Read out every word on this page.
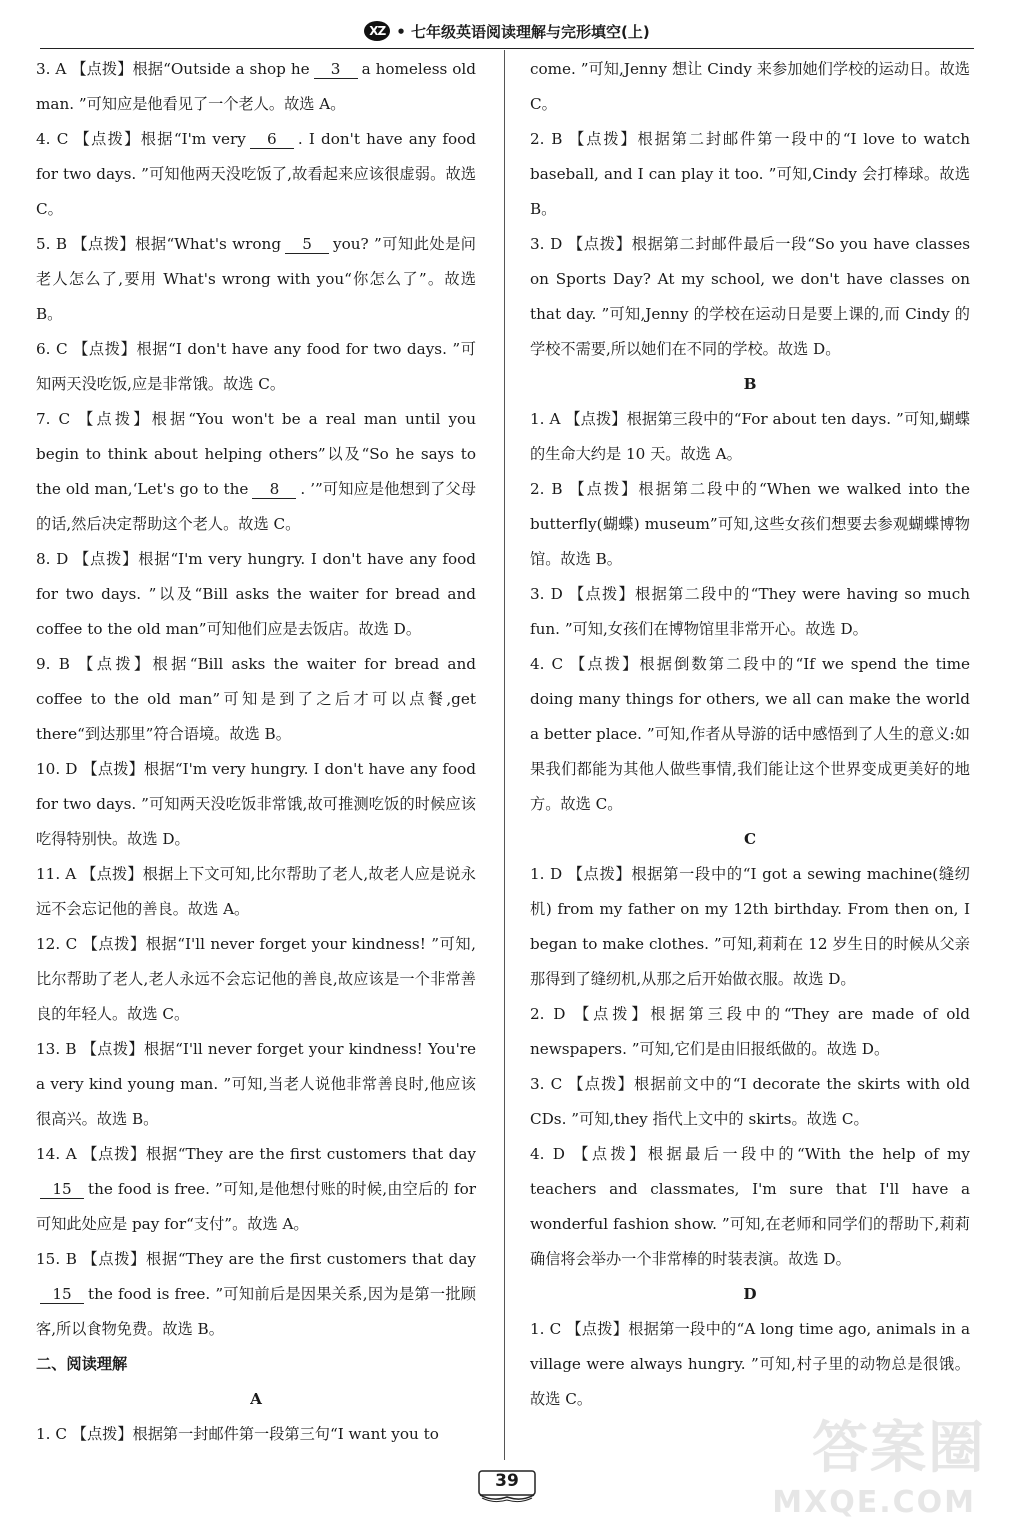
XZ • 七年级英语阅读理解与完形填空(上)

3. A 【点拨】根据“Outside a shop he 3 a homeless old man. ”可知应是他看见了一个老人。故选 A。

4. C 【点拨】根据“I'm very 6 . I don't have any food for two days. ”可知他两天没吃饭了,故看起来应该很虚弱。故选 C。

5. B 【点拨】根据“What's wrong 5 you? ”可知此处是问老人怎么了,要用 What's wrong with you“你怎么了”。故选 B。

6. C 【点拨】根据“I don't have any food for two days. ”可知两天没吃饭,应是非常饿。故选 C。

7. C 【点拨】根据“You won't be a real man until you begin to think about helping others”以及“So he says to the old man,‘Let's go to the 8 . ’”可知应是他想到了父母的话,然后决定帮助这个老人。故选 C。

8. D 【点拨】根据“I'm very hungry. I don't have any food for two days. ”以及“Bill asks the waiter for bread and coffee to the old man”可知他们应是去饭店。故选 D。

9. B 【点拨】根据“Bill asks the waiter for bread and coffee to the old man”可知是到了之后才可以点餐,get there“到达那里”符合语境。故选 B。

10. D 【点拨】根据“I'm very hungry. I don't have any food for two days. ”可知两天没吃饭非常饿,故可推测吃饭的时候应该吃得特别快。故选 D。

11. A 【点拨】根据上下文可知,比尔帮助了老人,故老人应是说永远不会忘记他的善良。故选 A。

12. C 【点拨】根据“I'll never forget your kindness! ”可知,比尔帮助了老人,老人永远不会忘记他的善良,故应该是一个非常善良的年轻人。故选 C。

13. B 【点拨】根据“I'll never forget your kindness! You're a very kind young man. ”可知,当老人说他非常善良时,他应该很高兴。故选 B。

14. A 【点拨】根据“They are the first customers that day15 the food is free. ”可知,是他想付账的时候,由空后的 for 可知此处应是 pay for“支付”。故选 A。

15. B 【点拨】根据“They are the first customers that day15 the food is free. ”可知前后是因果关系,因为是第一批顾客,所以食物免费。故选 B。

二、阅读理解

A

1. C 【点拨】根据第一封邮件第一段第三句“I want you to

come. ”可知,Jenny 想让 Cindy 来参加她们学校的运动日。故选 C。

2. B 【点拨】根据第二封邮件第一段中的“I love to watch baseball, and I can play it too. ”可知,Cindy 会打棒球。故选 B。

3. D 【点拨】根据第二封邮件最后一段“So you have classes on Sports Day? At my school, we don't have classes on that day. ”可知,Jenny 的学校在运动日是要上课的,而 Cindy 的学校不需要,所以她们在不同的学校。故选 D。

B

1. A 【点拨】根据第三段中的“For about ten days. ”可知,蝴蝶的生命大约是 10 天。故选 A。

2. B 【点拨】根据第二段中的“When we walked into the butterfly(蝴蝶) museum”可知,这些女孩们想要去参观蝴蝶博物馆。故选 B。

3. D 【点拨】根据第二段中的“They were having so much fun. ”可知,女孩们在博物馆里非常开心。故选 D。

4. C 【点拨】根据倒数第二段中的“If we spend the time doing many things for others, we all can make the world a better place. ”可知,作者从导游的话中感悟到了人生的意义:如果我们都能为其他人做些事情,我们能让这个世界变成更美好的地方。故选 C。

C

1. D 【点拨】根据第一段中的“I got a sewing machine(缝纫机) from my father on my 12th birthday. From then on, I began to make clothes. ”可知,莉莉在 12 岁生日的时候从父亲那得到了缝纫机,从那之后开始做衣服。故选 D。

2. D 【点拨】根据第三段中的“They are made of old newspapers. ”可知,它们是由旧报纸做的。故选 D。

3. C 【点拨】根据前文中的“I decorate the skirts with old CDs. ”可知,they 指代上文中的 skirts。故选 C。

4. D 【点拨】根据最后一段中的“With the help of my teachers and classmates, I'm sure that I'll have a wonderful fashion show. ”可知,在老师和同学们的帮助下,莉莉确信将会举办一个非常棒的时装表演。故选 D。

D

1. C 【点拨】根据第一段中的“A long time ago, animals in a village were always hungry. ”可知,村子里的动物总是很饿。故选 C。

39	答案圈
MXQE.COM
